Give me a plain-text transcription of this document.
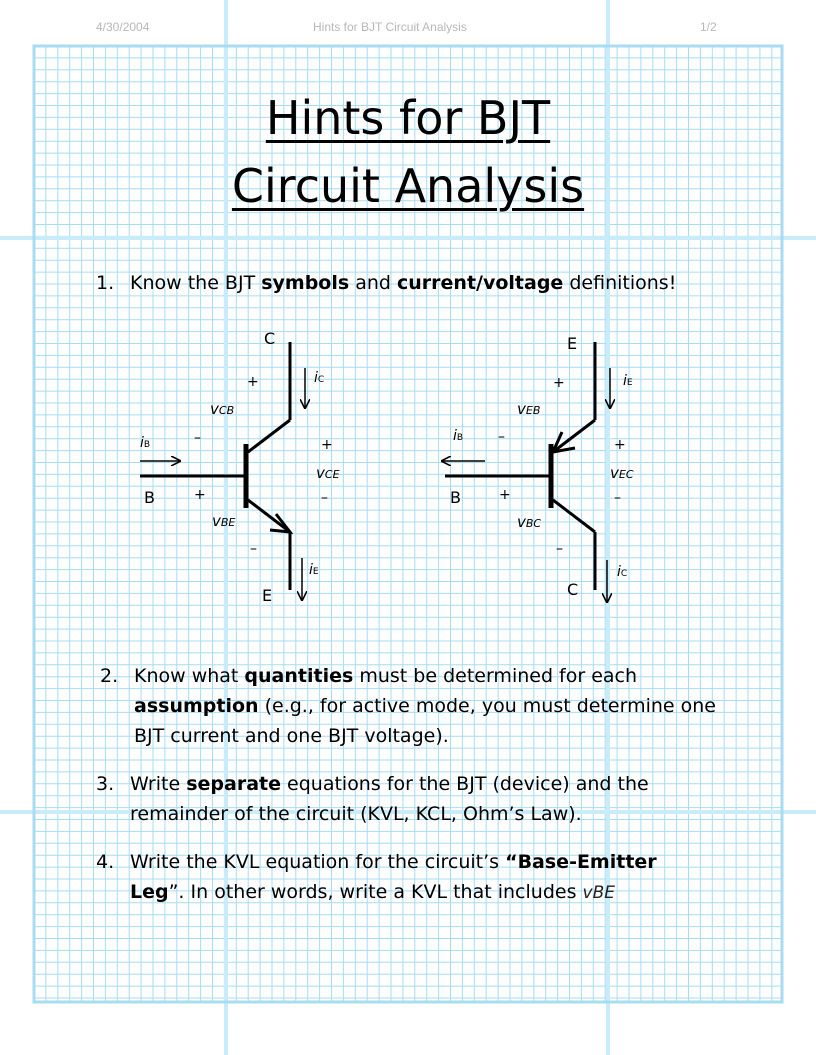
4/30/2004	Hints for BJT Circuit Analysis	1/2
Hints for BJT
Circuit Analysis
1. Know the BJT symbols and current/voltage definitions!
C
B
E
iC
iB
iE
vCB
vCE
vBE
+
–	+
–
+
–
E
B
C
iE
iB
iC
vEB
vEC
vBC
+
–	+
–
+
–
2. Know what quantities must be determined for each
assumption (e.g., for active mode, you must determine one
BJT current and one BJT voltage).
3. Write separate equations for the BJT (device) and the
remainder of the circuit (KVL, KCL, Ohm’s Law).
4. Write the KVL equation for the circuit’s “Base-Emitter
Leg”. In other words, write a KVL that includes vBE
